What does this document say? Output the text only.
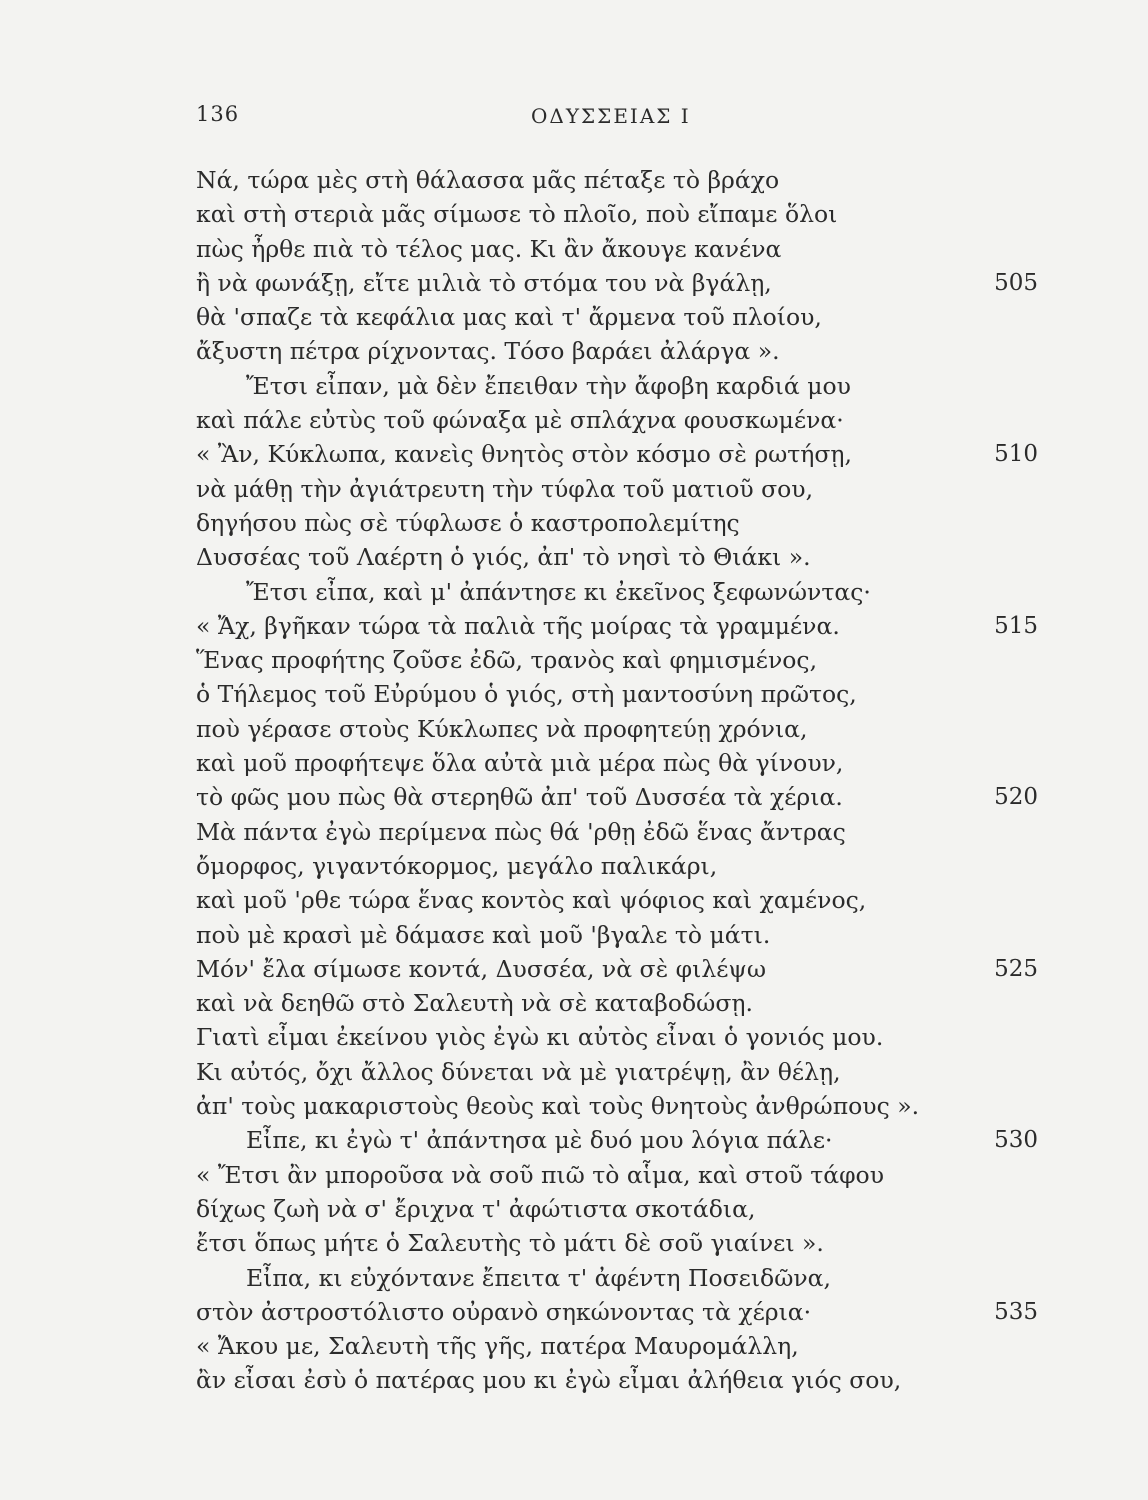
136	ΟΔΥΣΣΕΙΑΣ Ι
Νά, τώρα μὲς στὴ θάλασσα μᾶς πέταξε τὸ βράχο
καὶ στὴ στεριὰ μᾶς σίμωσε τὸ πλοῖο, ποὺ εἴπαμε ὅλοι
πὼς ἦρθε πιὰ τὸ τέλος μας. Κι ἂν ἄκουγε κανένα
ἢ νὰ φωνάξῃ, εἴτε μιλιὰ τὸ στόμα του νὰ βγάλῃ,	505
θὰ 'σπαζε τὰ κεφάλια μας καὶ τ' ἄρμενα τοῦ πλοίου,
ἄξυστη πέτρα ρίχνοντας. Τόσο βαράει ἀλάργα ».
Ἔτσι εἶπαν, μὰ δὲν ἔπειθαν τὴν ἄφοβη καρδιά μου
καὶ πάλε εὐτὺς τοῦ φώναξα μὲ σπλάχνα φουσκωμένα·
« Ἂν, Κύκλωπα, κανεὶς θνητὸς στὸν κόσμο σὲ ρωτήσῃ,	510
νὰ μάθῃ τὴν ἀγιάτρευτη τὴν τύφλα τοῦ ματιοῦ σου,
δηγήσου πὼς σὲ τύφλωσε ὁ καστροπολεμίτης
Δυσσέας τοῦ Λαέρτη ὁ γιός, ἀπ' τὸ νησὶ τὸ Θιάκι ».
Ἔτσι εἶπα, καὶ μ' ἀπάντησε κι ἐκεῖνος ξεφωνώντας·
« Ἄχ, βγῆκαν τώρα τὰ παλιὰ τῆς μοίρας τὰ γραμμένα.	515
Ἕνας προφήτης ζοῦσε ἐδῶ, τρανὸς καὶ φημισμένος,
ὁ Τήλεμος τοῦ Εὐρύμου ὁ γιός, στὴ μαντοσύνη πρῶτος,
ποὺ γέρασε στοὺς Κύκλωπες νὰ προφητεύῃ χρόνια,
καὶ μοῦ προφήτεψε ὅλα αὐτὰ μιὰ μέρα πὼς θὰ γίνουν,
τὸ φῶς μου πὼς θὰ στερηθῶ ἀπ' τοῦ Δυσσέα τὰ χέρια.	520
Μὰ πάντα ἐγὼ περίμενα πὼς θά 'ρθῃ ἐδῶ ἕνας ἄντρας
ὄμορφος, γιγαντόκορμος, μεγάλο παλικάρι,
καὶ μοῦ 'ρθε τώρα ἕνας κοντὸς καὶ ψόφιος καὶ χαμένος,
ποὺ μὲ κρασὶ μὲ δάμασε καὶ μοῦ 'βγαλε τὸ μάτι.
Μόν' ἔλα σίμωσε κοντά, Δυσσέα, νὰ σὲ φιλέψω	525
καὶ νὰ δεηθῶ στὸ Σαλευτὴ νὰ σὲ καταβοδώσῃ.
Γιατὶ εἶμαι ἐκείνου γιὸς ἐγὼ κι αὐτὸς εἶναι ὁ γονιός μου.
Κι αὐτός, ὄχι ἄλλος δύνεται νὰ μὲ γιατρέψῃ, ἂν θέλῃ,
ἀπ' τοὺς μακαριστοὺς θεοὺς καὶ τοὺς θνητοὺς ἀνθρώπους ».
Εἶπε, κι ἐγὼ τ' ἀπάντησα μὲ δυό μου λόγια πάλε·	530
« Ἔτσι ἂν μποροῦσα νὰ σοῦ πιῶ τὸ αἷμα, καὶ στοῦ τάφου
δίχως ζωὴ νὰ σ' ἔριχνα τ' ἀφώτιστα σκοτάδια,
ἔτσι ὅπως μήτε ὁ Σαλευτὴς τὸ μάτι δὲ σοῦ γιαίνει ».
Εἶπα, κι εὐχόντανε ἔπειτα τ' ἀφέντη Ποσειδῶνα,
στὸν ἀστροστόλιστο οὐρανὸ σηκώνοντας τὰ χέρια·	535
« Ἄκου με, Σαλευτὴ τῆς γῆς, πατέρα Μαυρομάλλη,
ἂν εἶσαι ἐσὺ ὁ πατέρας μου κι ἐγὼ εἶμαι ἀλήθεια γιός σου,
